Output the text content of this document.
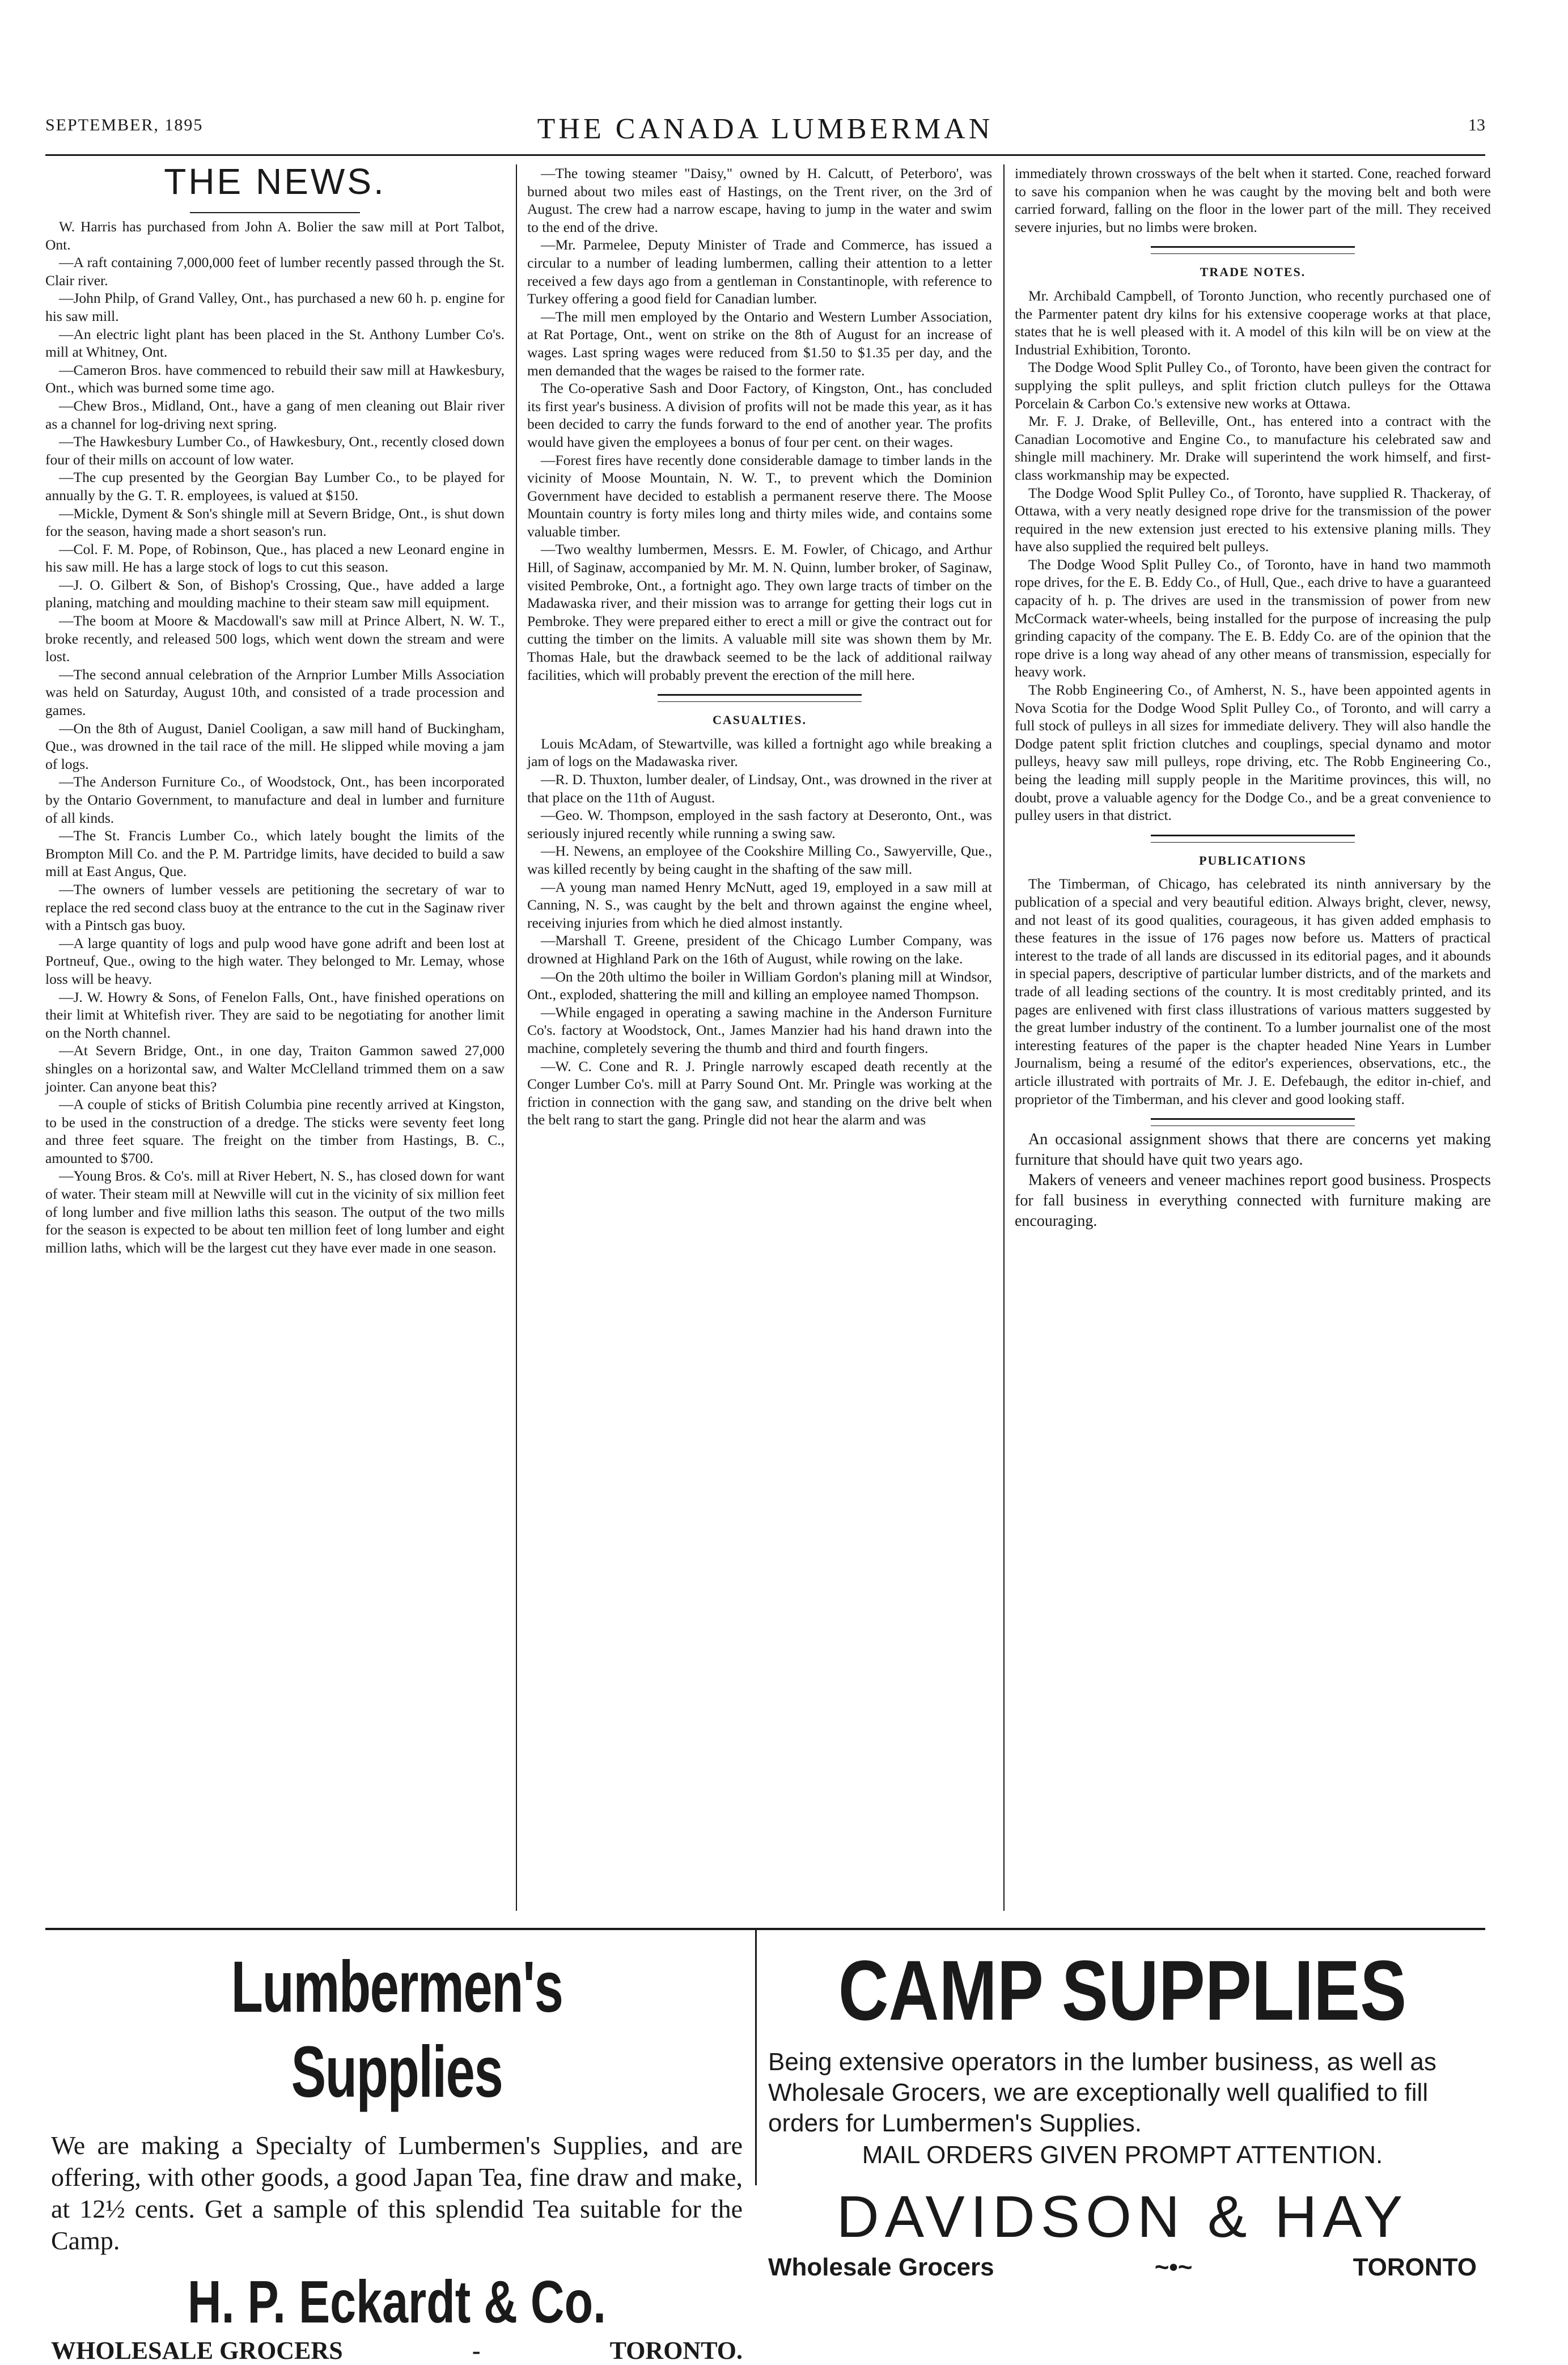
SEPTEMBER, 1895	THE CANADA LUMBERMAN	13
THE NEWS.

W. Harris has purchased from John A. Bolier the saw mill at Port Talbot, Ont.

—A raft containing 7,000,000 feet of lumber recently passed through the St. Clair river.

—John Philp, of Grand Valley, Ont., has purchased a new 60 h. p. engine for his saw mill.

—An electric light plant has been placed in the St. Anthony Lumber Co's. mill at Whitney, Ont.

—Cameron Bros. have commenced to rebuild their saw mill at Hawkesbury, Ont., which was burned some time ago.

—Chew Bros., Midland, Ont., have a gang of men cleaning out Blair river as a channel for log-driving next spring.

—The Hawkesbury Lumber Co., of Hawkesbury, Ont., recently closed down four of their mills on account of low water.

—The cup presented by the Georgian Bay Lumber Co., to be played for annually by the G. T. R. employees, is valued at $150.

—Mickle, Dyment & Son's shingle mill at Severn Bridge, Ont., is shut down for the season, having made a short season's run.

—Col. F. M. Pope, of Robinson, Que., has placed a new Leonard engine in his saw mill. He has a large stock of logs to cut this season.

—J. O. Gilbert & Son, of Bishop's Crossing, Que., have added a large planing, matching and moulding machine to their steam saw mill equipment.

—The boom at Moore & Macdowall's saw mill at Prince Albert, N. W. T., broke recently, and released 500 logs, which went down the stream and were lost.

—The second annual celebration of the Arnprior Lumber Mills Association was held on Saturday, August 10th, and consisted of a trade procession and games.

—On the 8th of August, Daniel Cooligan, a saw mill hand of Buckingham, Que., was drowned in the tail race of the mill. He slipped while moving a jam of logs.

—The Anderson Furniture Co., of Woodstock, Ont., has been incorporated by the Ontario Government, to manufacture and deal in lumber and furniture of all kinds.

—The St. Francis Lumber Co., which lately bought the limits of the Brompton Mill Co. and the P. M. Partridge limits, have decided to build a saw mill at East Angus, Que.

—The owners of lumber vessels are petitioning the secretary of war to replace the red second class buoy at the entrance to the cut in the Saginaw river with a Pintsch gas buoy.

—A large quantity of logs and pulp wood have gone adrift and been lost at Portneuf, Que., owing to the high water. They belonged to Mr. Lemay, whose loss will be heavy.

—J. W. Howry & Sons, of Fenelon Falls, Ont., have finished operations on their limit at Whitefish river. They are said to be negotiating for another limit on the North channel.

—At Severn Bridge, Ont., in one day, Traiton Gammon sawed 27,000 shingles on a horizontal saw, and Walter McClelland trimmed them on a saw jointer. Can anyone beat this?

—A couple of sticks of British Columbia pine recently arrived at Kingston, to be used in the construction of a dredge. The sticks were seventy feet long and three feet square. The freight on the timber from Hastings, B. C., amounted to $700.

—Young Bros. & Co's. mill at River Hebert, N. S., has closed down for want of water. Their steam mill at Newville will cut in the vicinity of six million feet of long lumber and five million laths this season. The output of the two mills for the season is expected to be about ten million feet of long lumber and eight million laths, which will be the largest cut they have ever made in one season.

—The towing steamer "Daisy," owned by H. Calcutt, of Peterboro', was burned about two miles east of Hastings, on the Trent river, on the 3rd of August. The crew had a narrow escape, having to jump in the water and swim to the end of the drive.

—Mr. Parmelee, Deputy Minister of Trade and Commerce, has issued a circular to a number of leading lumbermen, calling their attention to a letter received a few days ago from a gentleman in Constantinople, with reference to Turkey offering a good field for Canadian lumber.

—The mill men employed by the Ontario and Western Lumber Association, at Rat Portage, Ont., went on strike on the 8th of August for an increase of wages. Last spring wages were reduced from $1.50 to $1.35 per day, and the men demanded that the wages be raised to the former rate.

The Co-operative Sash and Door Factory, of Kingston, Ont., has concluded its first year's business. A division of profits will not be made this year, as it has been decided to carry the funds forward to the end of another year. The profits would have given the employees a bonus of four per cent. on their wages.

—Forest fires have recently done considerable damage to timber lands in the vicinity of Moose Mountain, N. W. T., to prevent which the Dominion Government have decided to establish a permanent reserve there. The Moose Mountain country is forty miles long and thirty miles wide, and contains some valuable timber.

—Two wealthy lumbermen, Messrs. E. M. Fowler, of Chicago, and Arthur Hill, of Saginaw, accompanied by Mr. M. N. Quinn, lumber broker, of Saginaw, visited Pembroke, Ont., a fortnight ago. They own large tracts of timber on the Madawaska river, and their mission was to arrange for getting their logs cut in Pembroke. They were prepared either to erect a mill or give the contract out for cutting the timber on the limits. A valuable mill site was shown them by Mr. Thomas Hale, but the drawback seemed to be the lack of additional railway facilities, which will probably prevent the erection of the mill here.

CASUALTIES.

Louis McAdam, of Stewartville, was killed a fortnight ago while breaking a jam of logs on the Madawaska river.

—R. D. Thuxton, lumber dealer, of Lindsay, Ont., was drowned in the river at that place on the 11th of August.

—Geo. W. Thompson, employed in the sash factory at Deseronto, Ont., was seriously injured recently while running a swing saw.

—H. Newens, an employee of the Cookshire Milling Co., Sawyerville, Que., was killed recently by being caught in the shafting of the saw mill.

—A young man named Henry McNutt, aged 19, employed in a saw mill at Canning, N. S., was caught by the belt and thrown against the engine wheel, receiving injuries from which he died almost instantly.

—Marshall T. Greene, president of the Chicago Lumber Company, was drowned at Highland Park on the 16th of August, while rowing on the lake.

—On the 20th ultimo the boiler in William Gordon's planing mill at Windsor, Ont., exploded, shattering the mill and killing an employee named Thompson.

—While engaged in operating a sawing machine in the Anderson Furniture Co's. factory at Woodstock, Ont., James Manzier had his hand drawn into the machine, completely severing the thumb and third and fourth fingers.

—W. C. Cone and R. J. Pringle narrowly escaped death recently at the Conger Lumber Co's. mill at Parry Sound Ont. Mr. Pringle was working at the friction in connection with the gang saw, and standing on the drive belt when the belt rang to start the gang. Pringle did not hear the alarm and was

immediately thrown crossways of the belt when it started. Cone, reached forward to save his companion when he was caught by the moving belt and both were carried forward, falling on the floor in the lower part of the mill. They received severe injuries, but no limbs were broken.

TRADE NOTES.

Mr. Archibald Campbell, of Toronto Junction, who recently purchased one of the Parmenter patent dry kilns for his extensive cooperage works at that place, states that he is well pleased with it. A model of this kiln will be on view at the Industrial Exhibition, Toronto.

The Dodge Wood Split Pulley Co., of Toronto, have been given the contract for supplying the split pulleys, and split friction clutch pulleys for the Ottawa Porcelain & Carbon Co.'s extensive new works at Ottawa.

Mr. F. J. Drake, of Belleville, Ont., has entered into a contract with the Canadian Locomotive and Engine Co., to manufacture his celebrated saw and shingle mill machinery. Mr. Drake will superintend the work himself, and first-class workmanship may be expected.

The Dodge Wood Split Pulley Co., of Toronto, have supplied R. Thackeray, of Ottawa, with a very neatly designed rope drive for the transmission of the power required in the new extension just erected to his extensive planing mills. They have also supplied the required belt pulleys.

The Dodge Wood Split Pulley Co., of Toronto, have in hand two mammoth rope drives, for the E. B. Eddy Co., of Hull, Que., each drive to have a guaranteed capacity of h. p. The drives are used in the transmission of power from new McCormack water-wheels, being installed for the purpose of increasing the pulp grinding capacity of the company. The E. B. Eddy Co. are of the opinion that the rope drive is a long way ahead of any other means of transmission, especially for heavy work.

The Robb Engineering Co., of Amherst, N. S., have been appointed agents in Nova Scotia for the Dodge Wood Split Pulley Co., of Toronto, and will carry a full stock of pulleys in all sizes for immediate delivery. They will also handle the Dodge patent split friction clutches and couplings, special dynamo and motor pulleys, heavy saw mill pulleys, rope driving, etc. The Robb Engineering Co., being the leading mill supply people in the Maritime provinces, this will, no doubt, prove a valuable agency for the Dodge Co., and be a great convenience to pulley users in that district.

PUBLICATIONS

The Timberman, of Chicago, has celebrated its ninth anniversary by the publication of a special and very beautiful edition. Always bright, clever, newsy, and not least of its good qualities, courageous, it has given added emphasis to these features in the issue of 176 pages now before us. Matters of practical interest to the trade of all lands are discussed in its editorial pages, and it abounds in special papers, descriptive of particular lumber districts, and of the markets and trade of all leading sections of the country. It is most creditably printed, and its pages are enlivened with first class illustrations of various matters suggested by the great lumber industry of the continent. To a lumber journalist one of the most interesting features of the paper is the chapter headed Nine Years in Lumber Journalism, being a resumé of the editor's experiences, observations, etc., the article illustrated with portraits of Mr. J. E. Defebaugh, the editor in-chief, and proprietor of the Timberman, and his clever and good looking staff.

An occasional assignment shows that there are concerns yet making furniture that should have quit two years ago.

Makers of veneers and veneer machines report good business. Prospects for fall business in everything connected with furniture making are encouraging.

Lumbermen's Supplies
We are making a Specialty of Lumbermen's Supplies, and are offering, with other goods, a good Japan Tea, fine draw and make, at 12½ cents. Get a sample of this splendid Tea suitable for the Camp.
H. P. Eckardt & Co.
WHOLESALE GROCERS	-	TORONTO.
CAMP SUPPLIES
Being extensive operators in the lumber business, as well as Wholesale Grocers, we are exceptionally well qualified to fill orders for Lumbermen's Supplies.
MAIL ORDERS GIVEN PROMPT ATTENTION.
DAVIDSON & HAY
Wholesale Grocers	~•~	TORONTO
